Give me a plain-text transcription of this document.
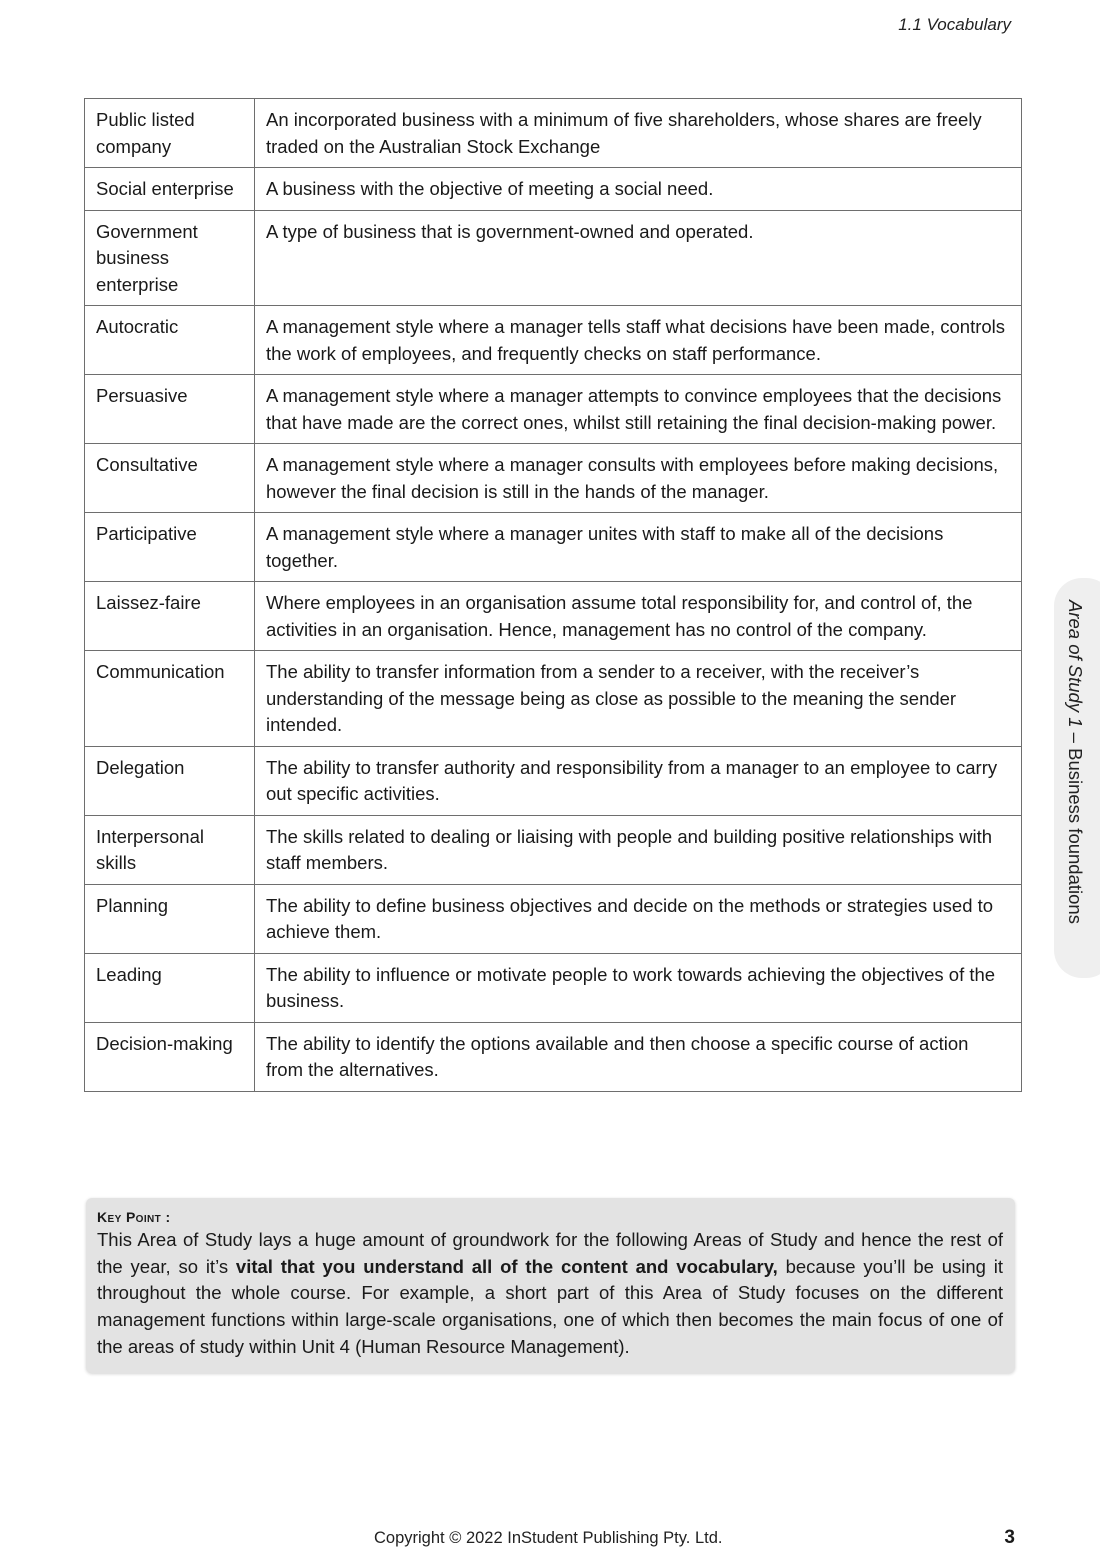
1.1 Vocabulary
Public listed company	An incorporated business with a minimum of five shareholders, whose shares are freely traded on the Australian Stock Exchange
Social enterprise	A business with the objective of meeting a social need.
Government business enterprise	A type of business that is government-owned and operated.
Autocratic	A management style where a manager tells staff what decisions have been made, controls the work of employees, and frequently checks on staff performance.
Persuasive	A management style where a manager attempts to convince employees that the decisions that have made are the correct ones, whilst still retaining the final decision-making power.
Consultative	A management style where a manager consults with employees before making decisions, however the final decision is still in the hands of the manager.
Participative	A management style where a manager unites with staff to make all of the decisions together.
Laissez-faire	Where employees in an organisation assume total responsibility for, and control of, the activities in an organisation. Hence, management has no control of the company.
Communication	The ability to transfer information from a sender to a receiver, with the receiver’s understanding of the message being as close as possible to the meaning the sender intended.
Delegation	The ability to transfer authority and responsibility from a manager to an employee to carry out specific activities.
Interpersonal skills	The skills related to dealing or liaising with people and building positive relationships with staff members.
Planning	The ability to define business objectives and decide on the methods or strategies used to achieve them.
Leading	The ability to influence or motivate people to work towards achieving the objectives of the business.
Decision-making	The ability to identify the options available and then choose a specific course of action from the alternatives.
Area of Study 1 – Business foundations
Key Point :
This Area of Study lays a huge amount of groundwork for the following Areas of Study and hence the rest of the year, so it’s vital that you understand all of the content and vocabulary, because you’ll be using it throughout the whole course. For example, a short part of this Area of Study focuses on the different management functions within large-scale organisations, one of which then becomes the main focus of one of the areas of study within Unit 4 (Human Resource Management).
Copyright © 2022 InStudent Publishing Pty. Ltd.	3
